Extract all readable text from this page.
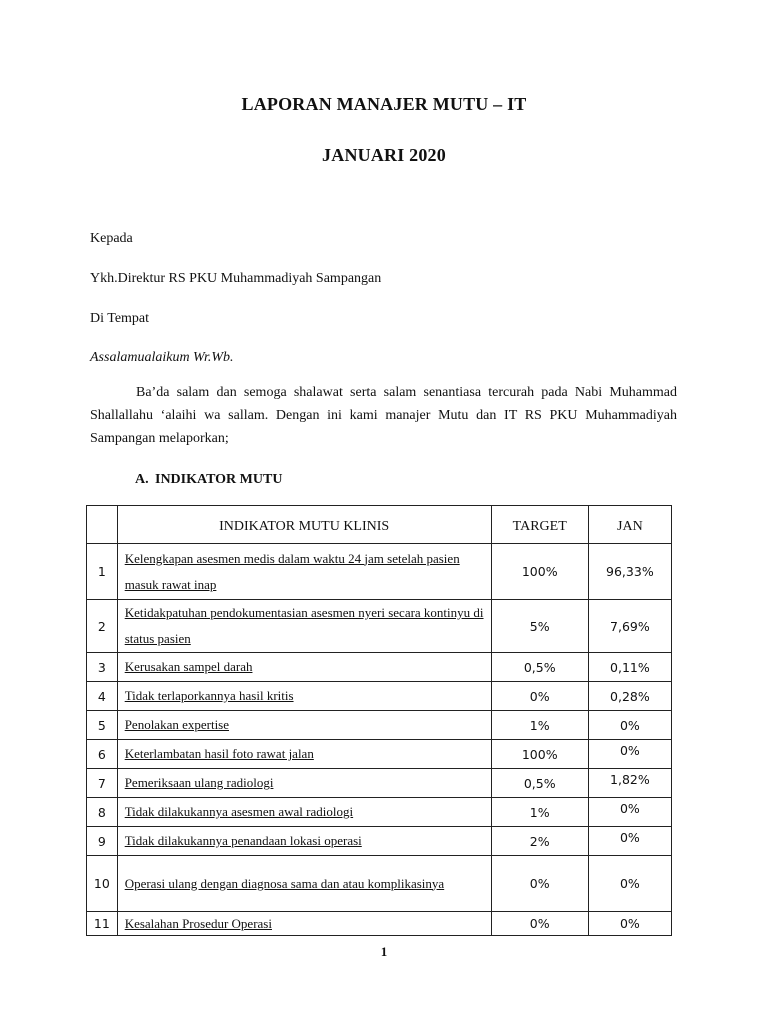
LAPORAN MANAJER MUTU – IT
JANUARI 2020
Kepada
Ykh.Direktur RS PKU Muhammadiyah Sampangan
Di Tempat
Assalamualaikum Wr.Wb.
Ba’da salam dan semoga shalawat serta salam senantiasa tercurah pada Nabi Muhammad Shallallahu ‘alaihi wa sallam. Dengan ini kami manajer Mutu dan IT RS PKU Muhammadiyah Sampangan melaporkan;
A. INDIKATOR MUTU
	INDIKATOR MUTU KLINIS	TARGET	JAN
1	Kelengkapan asesmen medis dalam waktu 24 jam setelah pasien masuk rawat inap	100%	96,33%
2	Ketidakpatuhan pendokumentasian asesmen nyeri secara kontinyu di status pasien	5%	7,69%
3	Kerusakan sampel darah	0,5%	0,11%
4	Tidak terlaporkannya hasil kritis	0%	0,28%
5	Penolakan expertise	1%	0%
6	Keterlambatan hasil foto rawat jalan	100%	0%
7	Pemeriksaan ulang radiologi	0,5%	1,82%
8	Tidak dilakukannya asesmen awal radiologi	1%	0%
9	Tidak dilakukannya penandaan lokasi operasi	2%	0%
10	Operasi ulang dengan diagnosa sama dan atau komplikasinya	0%	0%
11	Kesalahan Prosedur Operasi	0%	0%
1
